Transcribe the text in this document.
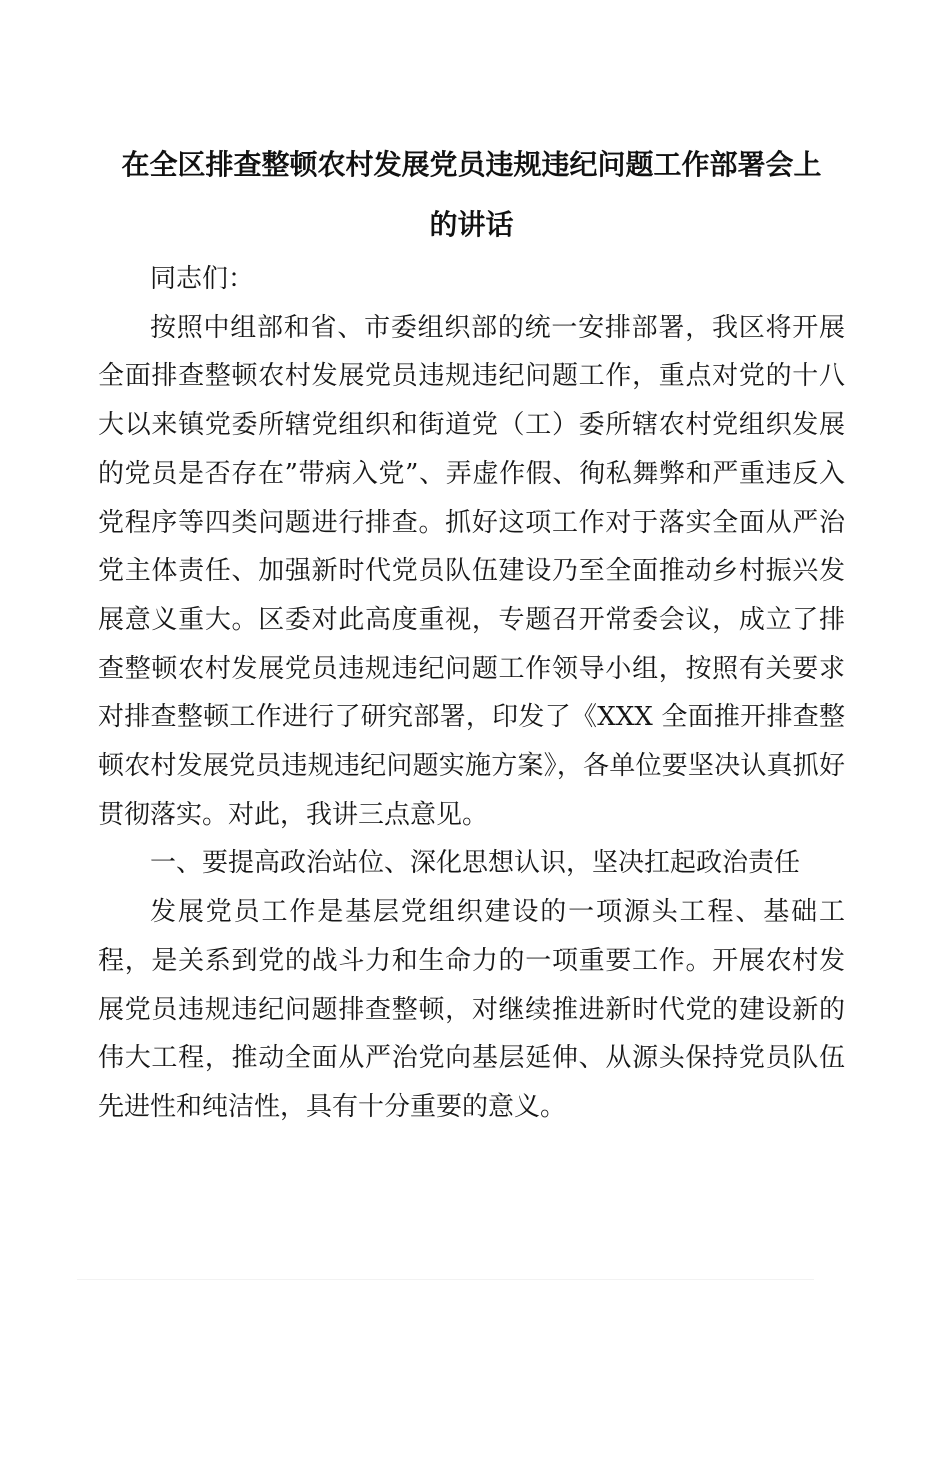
在全区排查整顿农村发展党员违规违纪问题工作部署会上
的讲话

同志们：

按照中组部和省、市委组织部的统一安排部署，我区将开展全面排查整顿农村发展党员违规违纪问题工作，重点对党的十八大以来镇党委所辖党组织和街道党（工）委所辖农村党组织发展的党员是否存在”带病入党”、弄虚作假、徇私舞弊和严重违反入党程序等四类问题进行排查。抓好这项工作对于落实全面从严治党主体责任、加强新时代党员队伍建设乃至全面推动乡村振兴发展意义重大。区委对此高度重视，专题召开常委会议，成立了排查整顿农村发展党员违规违纪问题工作领导小组，按照有关要求对排查整顿工作进行了研究部署，印发了《XXX 全面推开排查整顿农村发展党员违规违纪问题实施方案》，各单位要坚决认真抓好贯彻落实。对此，我讲三点意见。

一、要提高政治站位、深化思想认识，坚决扛起政治责任

发展党员工作是基层党组织建设的一项源头工程、基础工程，是关系到党的战斗力和生命力的一项重要工作。开展农村发展党员违规违纪问题排查整顿，对继续推进新时代党的建设新的伟大工程，推动全面从严治党向基层延伸、从源头保持党员队伍先进性和纯洁性，具有十分重要的意义。
